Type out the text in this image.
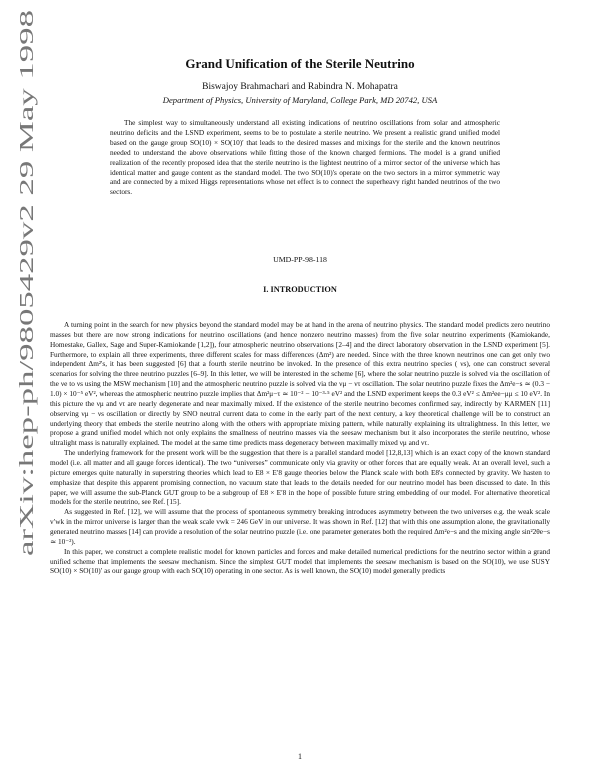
arXiv:hep-ph/9805429v2 29 May 1998
Grand Unification of the Sterile Neutrino
Biswajoy Brahmachari and Rabindra N. Mohapatra
Department of Physics, University of Maryland, College Park, MD 20742, USA
The simplest way to simultaneously understand all existing indications of neutrino oscillations from solar and atmospheric neutrino deficits and the LSND experiment, seems to be to postulate a sterile neutrino. We present a realistic grand unified model based on the gauge group SO(10) × SO(10)′ that leads to the desired masses and mixings for the sterile and the known neutrinos needed to understand the above observations while fitting those of the known charged fermions. The model is a grand unified realization of the recently proposed idea that the sterile neutrino is the lightest neutrino of a mirror sector of the universe which has identical matter and gauge content as the standard model. The two SO(10)'s operate on the two sectors in a mirror symmetric way and are connected by a mixed Higgs representations whose net effect is to connect the superheavy right handed neutrinos of the two sectors.
UMD-PP-98-118
I. INTRODUCTION

A turning point in the search for new physics beyond the standard model may be at hand in the arena of neutrino physics. The standard model predicts zero neutrino masses but there are now strong indications for neutrino oscillations (and hence nonzero neutrino masses) from the five solar neutrino experiments (Kamiokande, Homestake, Gallex, Sage and Super-Kamiokande [1,2]), four atmospheric neutrino observations [2–4] and the direct laboratory observation in the LSND experiment [5]. Furthermore, to explain all three experiments, three different scales for mass differences (Δm²) are needed. Since with the three known neutrinos one can get only two independent Δm²'s, it has been suggested [6] that a fourth sterile neutrino be invoked. In the presence of this extra neutrino species ( νs), one can construct several scenarios for solving the three neutrino puzzles [6–9]. In this letter, we will be interested in the scheme [6], where the solar neutrino puzzle is solved via the oscillation of the νe to νs using the MSW mechanism [10] and the atmospheric neutrino puzzle is solved via the νμ − ντ oscillation. The solar neutrino puzzle fixes the Δm²e−s ≃ (0.3 − 1.0) × 10⁻⁵ eV², whereas the atmospheric neutrino puzzle implies that Δm²μ−τ ≃ 10⁻² − 10⁻³·⁵ eV² and the LSND experiment keeps the 0.3 eV² ≤ Δm²ee−μμ ≤ 10 eV². In this picture the νμ and ντ are nearly degenerate and near maximally mixed. If the existence of the sterile neutrino becomes confirmed say, indirectly by KARMEN [11] observing νμ − νs oscillation or directly by SNO neutral current data to come in the early part of the next century, a key theoretical challenge will be to construct an underlying theory that embeds the sterile neutrino along with the others with appropriate mixing pattern, while naturally explaining its ultralightness. In this letter, we propose a grand unified model which not only explains the smallness of neutrino masses via the seesaw mechanism but it also incorporates the sterile neutrino, whose ultralight mass is naturally explained. The model at the same time predicts mass degeneracy between maximally mixed νμ and ντ.

The underlying framework for the present work will be the suggestion that there is a parallel standard model [12,8,13] which is an exact copy of the known standard model (i.e. all matter and all gauge forces identical). The two “universes” communicate only via gravity or other forces that are equally weak. At an overall level, such a picture emerges quite naturally in superstring theories which lead to E8 × E′8 gauge theories below the Planck scale with both E8's connected by gravity. We hasten to emphasize that despite this apparent promising connection, no vacuum state that leads to the details needed for our neutrino model has been discussed to date. In this paper, we will assume the sub-Planck GUT group to be a subgroup of E8 × E′8 in the hope of possible future string embedding of our model. For alternative theoretical models for the sterile neutrino, see Ref. [15].

As suggested in Ref. [12], we will assume that the process of spontaneous symmetry breaking introduces asymmetry between the two universes e.g. the weak scale v′wk in the mirror universe is larger than the weak scale vwk = 246 GeV in our universe. It was shown in Ref. [12] that with this one assumption alone, the gravitationally generated neutrino masses [14] can provide a resolution of the solar neutrino puzzle (i.e. one parameter generates both the required Δm²e−s and the mixing angle sin²2θe−s ≃ 10⁻²).

In this paper, we construct a complete realistic model for known particles and forces and make detailed numerical predictions for the neutrino sector within a grand unified scheme that implements the seesaw mechanism. Since the simplest GUT model that implements the seesaw mechanism is based on the SO(10), we use SUSY SO(10) × SO(10)′ as our gauge group with each SO(10) operating in one sector. As is well known, the SO(10) model generally predicts

1
